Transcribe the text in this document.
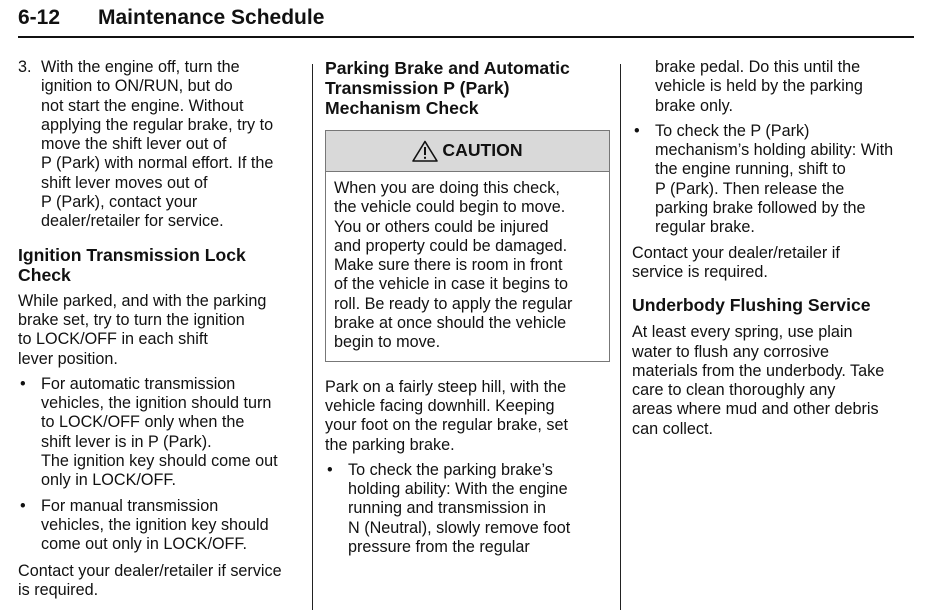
6-12 Maintenance Schedule
3. With the engine off, turn the
ignition to ON/RUN, but do
not start the engine. Without
applying the regular brake, try to
move the shift lever out of
P (Park) with normal effort. If the
shift lever moves out of
P (Park), contact your
dealer/retailer for service.
Ignition Transmission Lock
Check

While parked, and with the parking
brake set, try to turn the ignition
to LOCK/OFF in each shift
lever position.

• For automatic transmission
vehicles, the ignition should turn
to LOCK/OFF only when the
shift lever is in P (Park).
The ignition key should come out
only in LOCK/OFF.
• For manual transmission
vehicles, the ignition key should
come out only in LOCK/OFF.

Contact your dealer/retailer if service
is required.

Parking Brake and Automatic
Transmission P (Park)
Mechanism Check
CAUTION
When you are doing this check,
the vehicle could begin to move.
You or others could be injured
and property could be damaged.
Make sure there is room in front
of the vehicle in case it begins to
roll. Be ready to apply the regular
brake at once should the vehicle
begin to move.

Park on a fairly steep hill, with the
vehicle facing downhill. Keeping
your foot on the regular brake, set
the parking brake.

• To check the parking brake’s
holding ability: With the engine
running and transmission in
N (Neutral), slowly remove foot
pressure from the regular
brake pedal. Do this until the
vehicle is held by the parking
brake only.
• To check the P (Park)
mechanism’s holding ability: With
the engine running, shift to
P (Park). Then release the
parking brake followed by the
regular brake.

Contact your dealer/retailer if
service is required.

Underbody Flushing Service

At least every spring, use plain
water to flush any corrosive
materials from the underbody. Take
care to clean thoroughly any
areas where mud and other debris
can collect.
